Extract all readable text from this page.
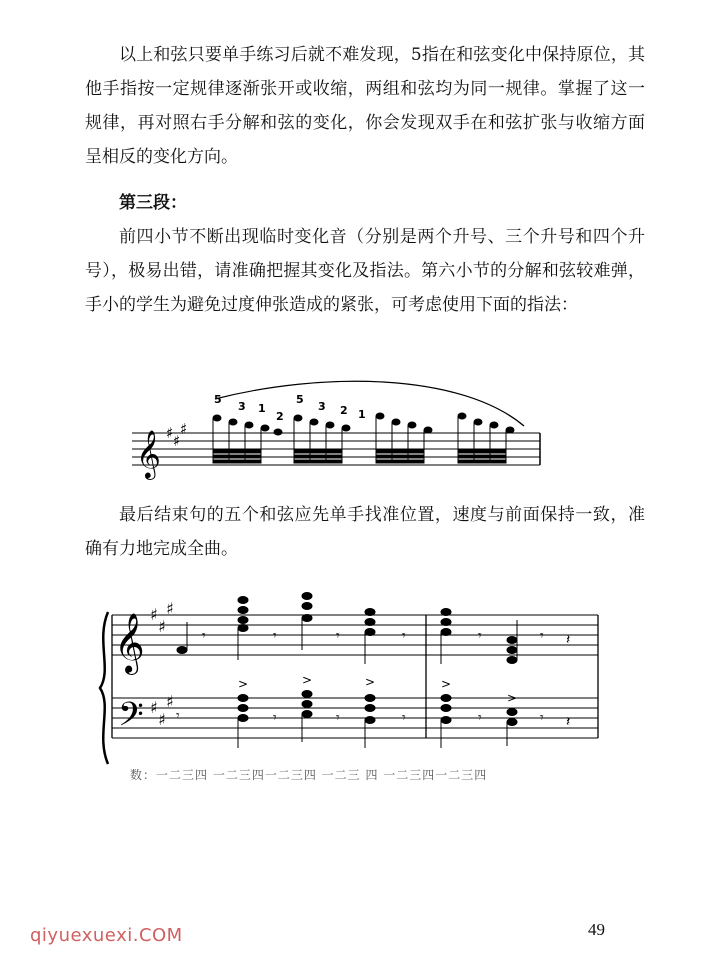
以上和弦只要单手练习后就不难发现，5指在和弦变化中保持原位，其他手指按一定规律逐渐张开或收缩，两组和弦均为同一规律。掌握了这一规律，再对照右手分解和弦的变化，你会发现双手在和弦扩张与收缩方面呈相反的变化方向。

第三段：

前四小节不断出现临时变化音（分别是两个升号、三个升号和四个升号），极易出错，请准确把握其变化及指法。第六小节的分解和弦较难弹，手小的学生为避免过度伸张造成的紧张，可考虑使用下面的指法：

𝄞 ♯ ♯
♯
5
3 1
2
5
3 2 1

最后结束句的五个和弦应先单手找准位置，速度与前面保持一致，准确有力地完成全曲。

𝄞
𝄢
♯
♯
♯
♯
♯
♯
𝄾	𝄾	𝄾	𝄾	𝄾	𝄾 𝄽
𝄾	𝄾	𝄾	𝄾	𝄾	𝄾 𝄽
>	>	>	>
>
数：一二三四 一二三四一二三四 一二三 四 一二三四一二三四
qiyuexuexi.COM	49
